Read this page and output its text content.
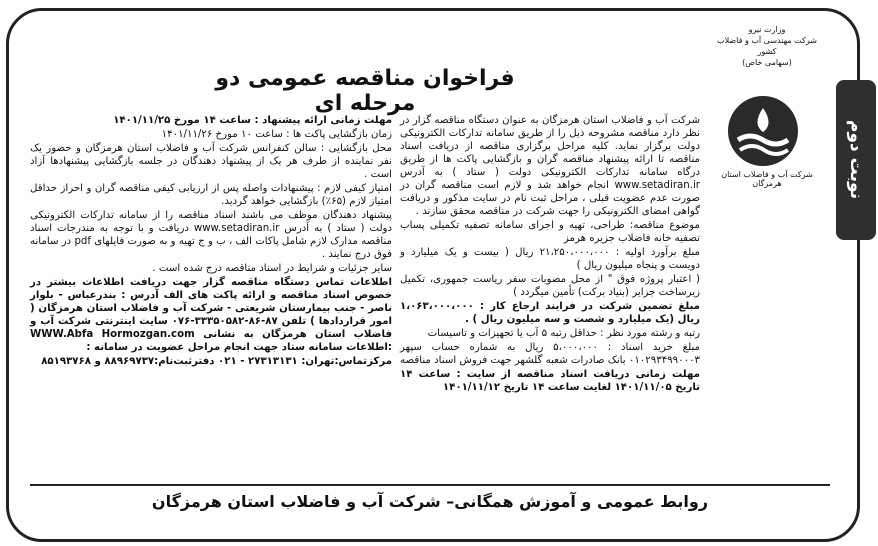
نوبت دوم
وزارت نیرو
شرکت مهندسی آب و فاضلاب کشور
(سهامی خاص)
شرکت آب و فاضلاب استان هرمزگان
فراخوان مناقصه عمومی دو مرحله ای

شرکت آب و فاضلاب استان هرمزگان به عنوان دستگاه مناقصه گزار در نظر دارد مناقصه مشروحه ذیل را از طریق سامانه تدارکات الکترونیکی دولت برگزار نماید. کلیه مراحل برگزاری مناقصه از دریافت اسناد مناقصه تا ارائه پیشنهاد مناقصه گران و بازگشایی پاکت ها از طریق درگاه سامانه تدارکات الکترونیکی دولت ( ستاد ) به آدرس www.setadiran.ir انجام خواهد شد و لازم است مناقصه گران در صورت عدم عضویت قبلی ، مراحل ثبت نام در سایت مذکور و دریافت گواهی امضای الکترونیکی را جهت شرکت در مناقصه محقق سازند .

موضوع مناقصه: طراحی، تهیه و اجرای سامانه تصفیه تکمیلی پساب تصفیه خانه فاضلاب جزیره هرمز

مبلغ برآورد اولیه : ۲۱،۲۵۰،۰۰۰،۰۰۰ ریال ( بیست و یک میلیارد و دویست و پنجاه میلیون ریال )

( اعتبار پروژه فوق " از محل مصوبات سفر ریاست جمهوری، تکمیل زیرساخت جزایر (بنیاد برکت) تأمین میگردد )

مبلغ تضمین شرکت در فرایند ارجاع کار : ۱،۰۶۳،۰۰۰،۰۰۰ ریال (یک میلیارد و شصت و سه میلیون ریال ) .

رتبه و رشته مورد نظر : حداقل رتبه ۵ آب یا تجهیزات و تاسیسات

مبلغ خرید اسناد : ۵،۰۰۰،۰۰۰ ریال به شماره حساب سپهر ۰۱۰۲۹۳۴۹۹۰۰۰۳ بانک صادرات شعبه گلشهر جهت فروش اسناد مناقصه

مهلت زمانی دریافت اسناد مناقصه از سایت : ساعت ۱۴ تاریخ ۱۴۰۱/۱۱/۰۵ لغایت ساعت ۱۴ تاریخ ۱۴۰۱/۱۱/۱۲

مهلت زمانی ارائه پیشنهاد : ساعت ۱۴ مورخ ۱۴۰۱/۱۱/۲۵

زمان بازگشایی پاکت ها : ساعت ۱۰ مورخ ۱۴۰۱/۱۱/۲۶

محل بازگشایی : سالن کنفرانس شرکت آب و فاضلاب استان هرمزگان و حضور یک نفر نماینده از طرف هر یک از پیشنهاد دهندگان در جلسه بازگشایی پیشنهادها آزاد است .

امتیاز کیفی لازم : پیشنهادات واصله پس از ارزیابی کیفی مناقصه گران و احراز حداقل امتیاز لازم (۶۵٪) بازگشایی خواهد گردید.

پیشنهاد دهندگان موظف می باشند اسناد مناقصه را از سامانه تدارکات الکترونیکی دولت ( ستاد ) به آدرس www.setadiran.ir دریافت و با توجه به مندرجات اسناد مناقصه مدارک لازم شامل پاکات الف ، ب و ج تهیه و به صورت فایلهای pdf در سامانه فوق درج نمایند .

سایر جزئیات و شرایط در اسناد مناقصه درج شده است .

اطلاعات تماس دستگاه مناقصه گزار جهت دریافت اطلاعات بیشتر در خصوص اسناد مناقصه و ارائه پاکت های الف آدرس : بندرعباس - بلوار ناصر - جنب بیمارستان شریعتی - شرکت آب و فاضلاب استان هرمزگان ( امور قراردادها ) تلفن ۸۷-۸۶-۳۳۳۵۰۵۸۲-۰۷۶ سایت اینترنتی شرکت آب و فاضلاب استان هرمزگان به نشانی WWW.Abfa Hormozgan.com :اطلاعات سامانه ستاد جهت انجام مراحل عضویت در سامانه :

مرکزتماس:تهران: ۲۷۳۱۳۱۳۱ - ۰۲۱ دفترثبت‌نام:۸۸۹۶۹۷۳۷ و ۸۵۱۹۳۷۶۸

روابط عمومی و آموزش همگانی– شرکت آب و فاضلاب استان هرمزگان
